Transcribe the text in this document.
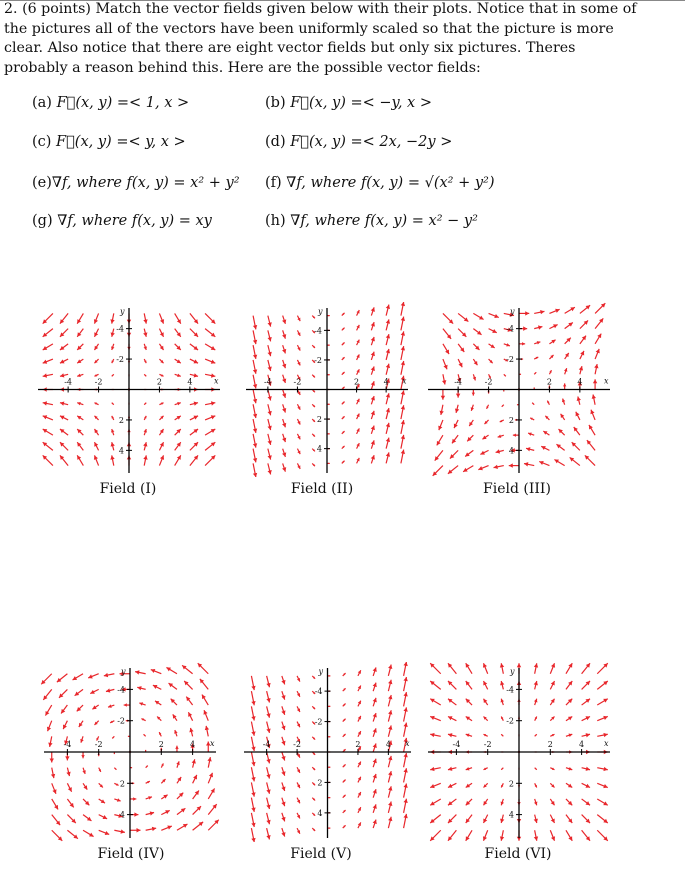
2. (6 points) Match the vector fields given below with their plots. Notice that in some of the pictures all of the vectors have been uniformly scaled so that the picture is more clear. Also notice that there are eight vector fields but only six pictures. Theres probably a reason behind this. Here are the possible vector fields:
(a) F⃗(x, y) =< 1, x >	(b) F⃗(x, y) =< −y, x >
(c) F⃗(x, y) =< y, x >	(d) F⃗(x, y) =< 2x, −2y >
(e)∇f, where f(x, y) = x² + y² (f) ∇f, where f(x, y) = √(x² + y²)
(g) ∇f, where f(x, y) = xy	(h) ∇f, where f(x, y) = x² − y²
-4
4
-2
2
2
-2
4
-4
x
y
Field (I)
-4
4
-2
2
2
-2
4
-4
x
y
Field (II)
-4
4
-2
2
2
-2
4
-4
x
y
Field (III)
-4
4
-2
2
2
-2
4
-4
x
y
Field (IV)
-4
4
-2
2
2
-2
4
-4
x
y
Field (V)
-4
4
-2
2
2
-2
4
-4
x
y
Field (VI)
